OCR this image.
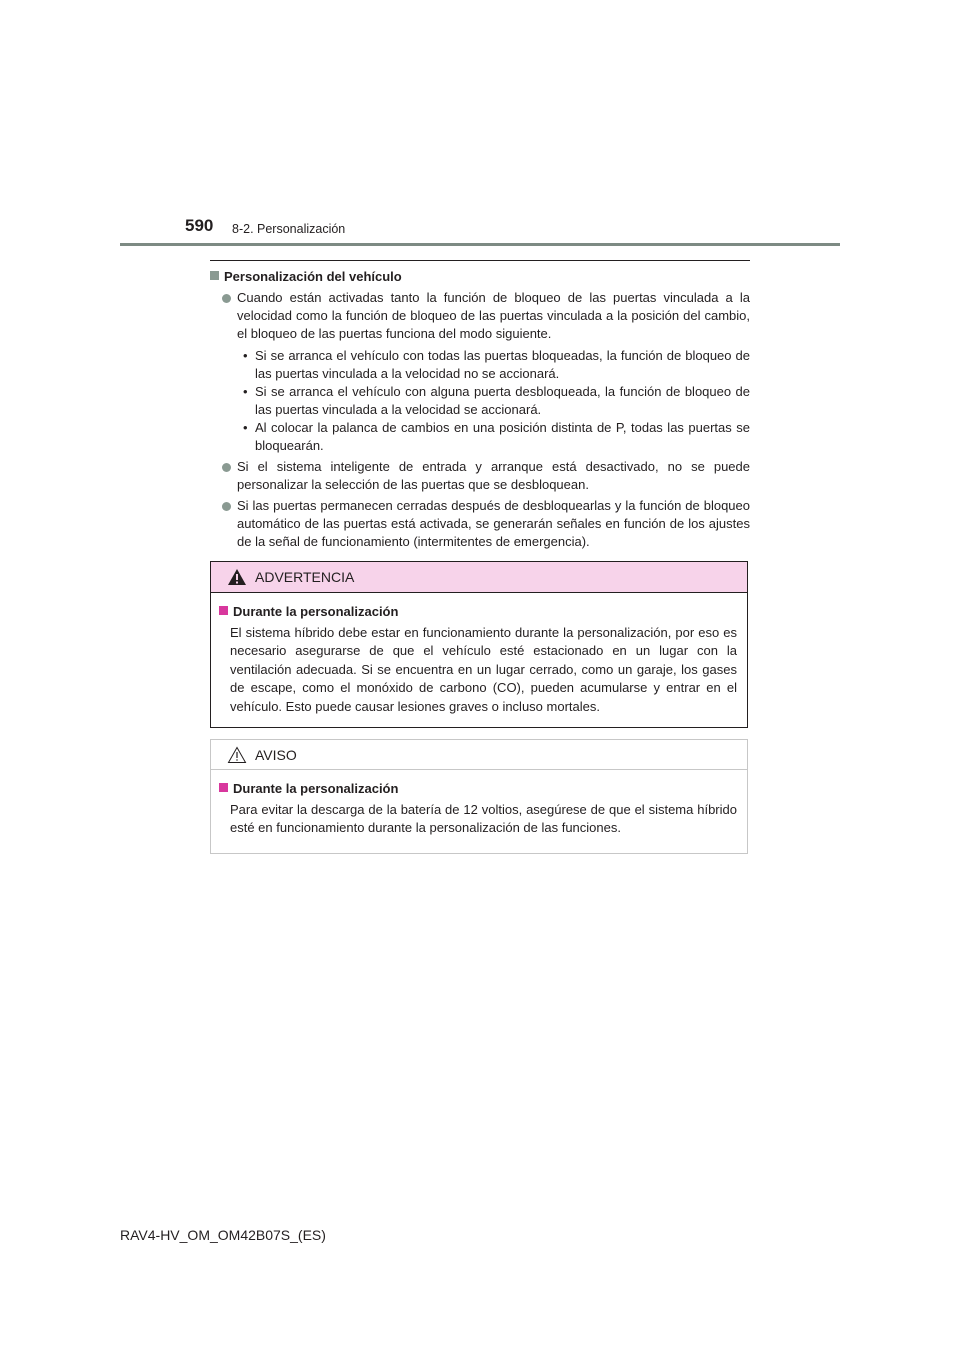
590 8-2. Personalización
Personalización del vehículo
Cuando están activadas tanto la función de bloqueo de las puertas vinculada a la velocidad como la función de bloqueo de las puertas vinculada a la posición del cambio, el bloqueo de las puertas funciona del modo siguiente.
• Si se arranca el vehículo con todas las puertas bloqueadas, la función de bloqueo de las puertas vinculada a la velocidad no se accionará.
• Si se arranca el vehículo con alguna puerta desbloqueada, la función de bloqueo de las puertas vinculada a la velocidad se accionará.
• Al colocar la palanca de cambios en una posición distinta de P, todas las puertas se bloquearán.
Si el sistema inteligente de entrada y arranque está desactivado, no se puede personalizar la selección de las puertas que se desbloquean.
Si las puertas permanecen cerradas después de desbloquearlas y la función de bloqueo automático de las puertas está activada, se generarán señales en función de los ajustes de la señal de funcionamiento (intermitentes de emergencia).
ADVERTENCIA
Durante la personalización
El sistema híbrido debe estar en funcionamiento durante la personalización, por eso es necesario asegurarse de que el vehículo esté estacionado en un lugar con la ventilación adecuada. Si se encuentra en un lugar cerrado, como un garaje, los gases de escape, como el monóxido de carbono (CO), pueden acumularse y entrar en el vehículo. Esto puede causar lesiones graves o incluso mortales.
AVISO
Durante la personalización
Para evitar la descarga de la batería de 12 voltios, asegúrese de que el sistema híbrido esté en funcionamiento durante la personalización de las funciones.
RAV4-HV_OM_OM42B07S_(ES)
